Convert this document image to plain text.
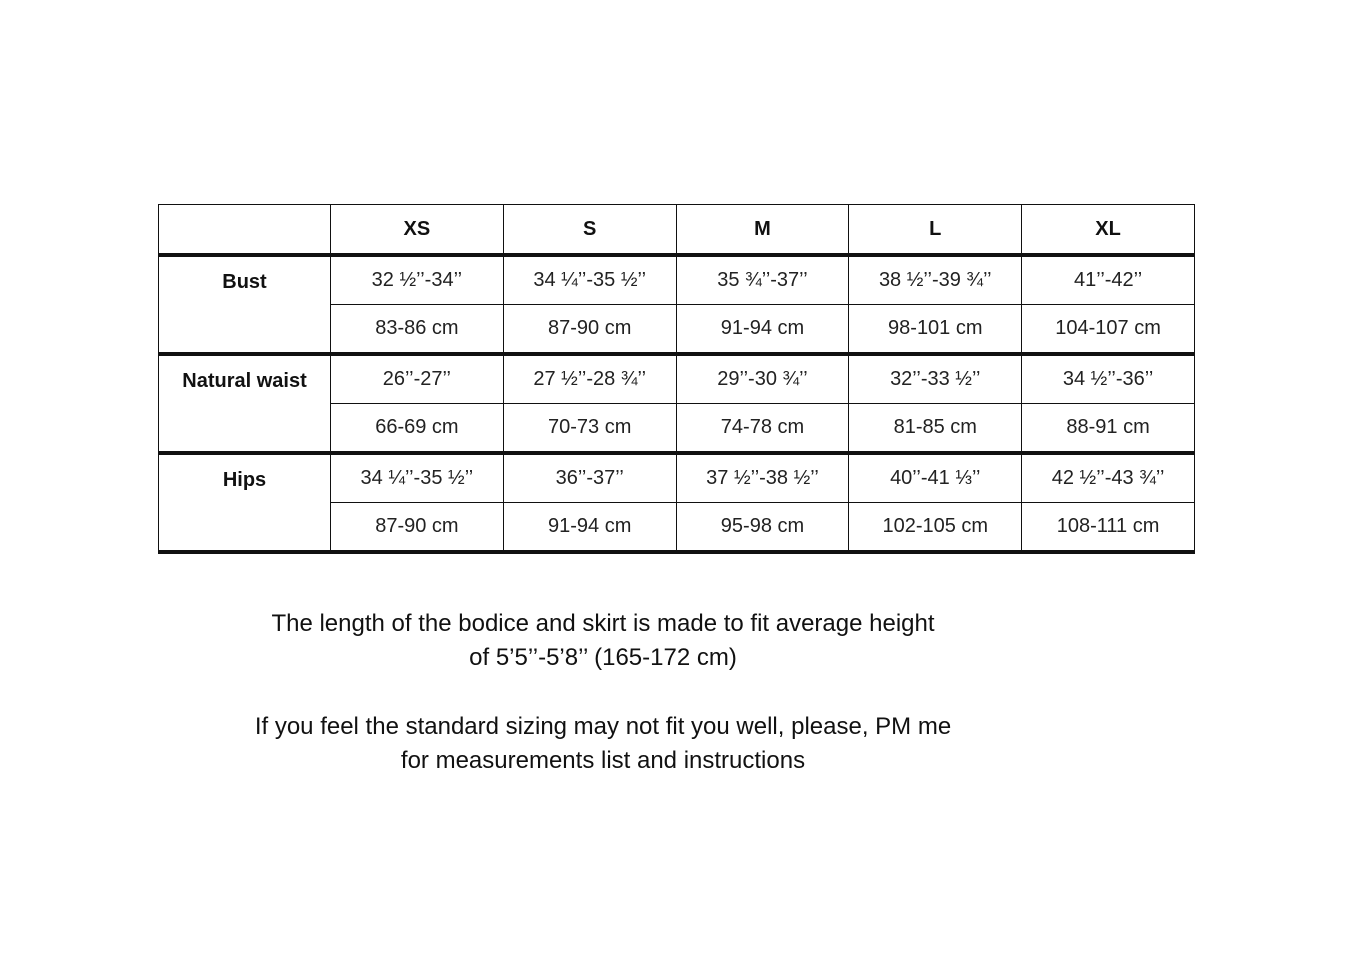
	XS	S	M	L	XL
Bust	32 ½’’-34’’	34 ¼’’-35 ½’’	35 ¾’’-37’’	38 ½’’-39 ¾’’	41’’-42’’
	83-86 cm	87-90 cm	91-94 cm	98-101 cm	104-107 cm
Natural waist	26’’-27’’	27 ½’’-28 ¾’’	29’’-30 ¾’’	32’’-33 ½’’	34 ½’’-36’’
	66-69 cm	70-73 cm	74-78 cm	81-85 cm	88-91 cm
Hips	34 ¼’’-35 ½’’	36’’-37’’	37 ½’’-38 ½’’	40’’-41 ⅓’’	42 ½’’-43 ¾’’
	87-90 cm	91-94 cm	95-98 cm	102-105 cm	108-111 cm

The length of the bodice and skirt is made to fit average height
of 5’5’’-5’8’’ (165-172 cm)

If you feel the standard sizing may not fit you well, please, PM me
for measurements list and instructions
